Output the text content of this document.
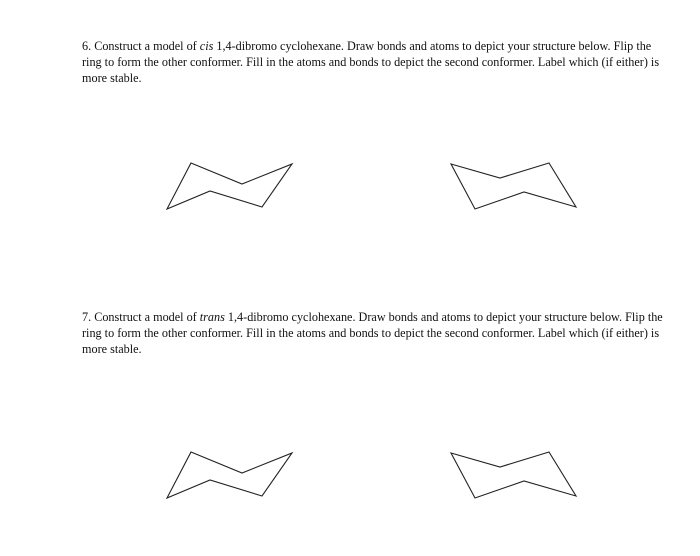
6. Construct a model of cis 1,4-dibromo cyclohexane. Draw bonds and atoms to depict your structure below. Flip the ring to form the other conformer. Fill in the atoms and bonds to depict the second conformer. Label which (if either) is more stable.
7. Construct a model of trans 1,4-dibromo cyclohexane. Draw bonds and atoms to depict your structure below. Flip the ring to form the other conformer. Fill in the atoms and bonds to depict the second conformer. Label which (if either) is more stable.
